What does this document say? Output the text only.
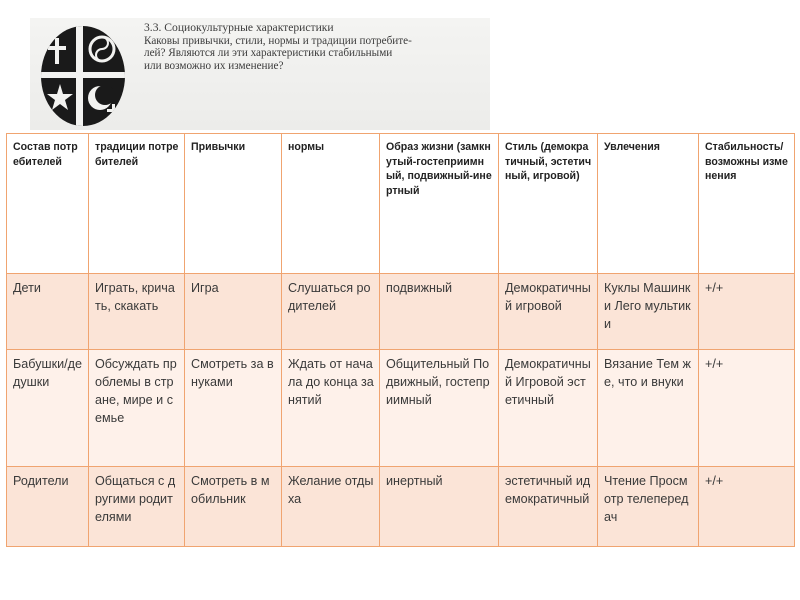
3.3. Социокультурные характеристики
Каковы привычки, стили, нормы и традиции потребите-
лей? Являются ли эти характеристики стабильными
или возможно их изменение?
Состав потребителей	традиции потребителей	Привычки	нормы	Образ жизни (замкнутый-гостеприимный, подвижный-инертный	Стиль (демократичный, эстетичный, игровой)	Увлечения	Стабильность/ возможны изменения
Дети	Играть, кричать, скакать	Игра	Слушаться родителей	подвижный	Демократичный игровой	Куклы Машинки Лего мультики	+/+
Бабушки/дедушки	Обсуждать проблемы в стране, мире и семье	Смотреть за внуками	Ждать от начала до конца занятий	Общительный Подвижный, гостеприимный	Демократичный Игровой эстетичный	Вязание Тем же, что и внуки	+/+
Родители	Общаться с другими родителями	Смотреть в мобильник	Желание отдыха	инертный	эстетичный идемократичный	Чтение Просмотр телепередач	+/+
